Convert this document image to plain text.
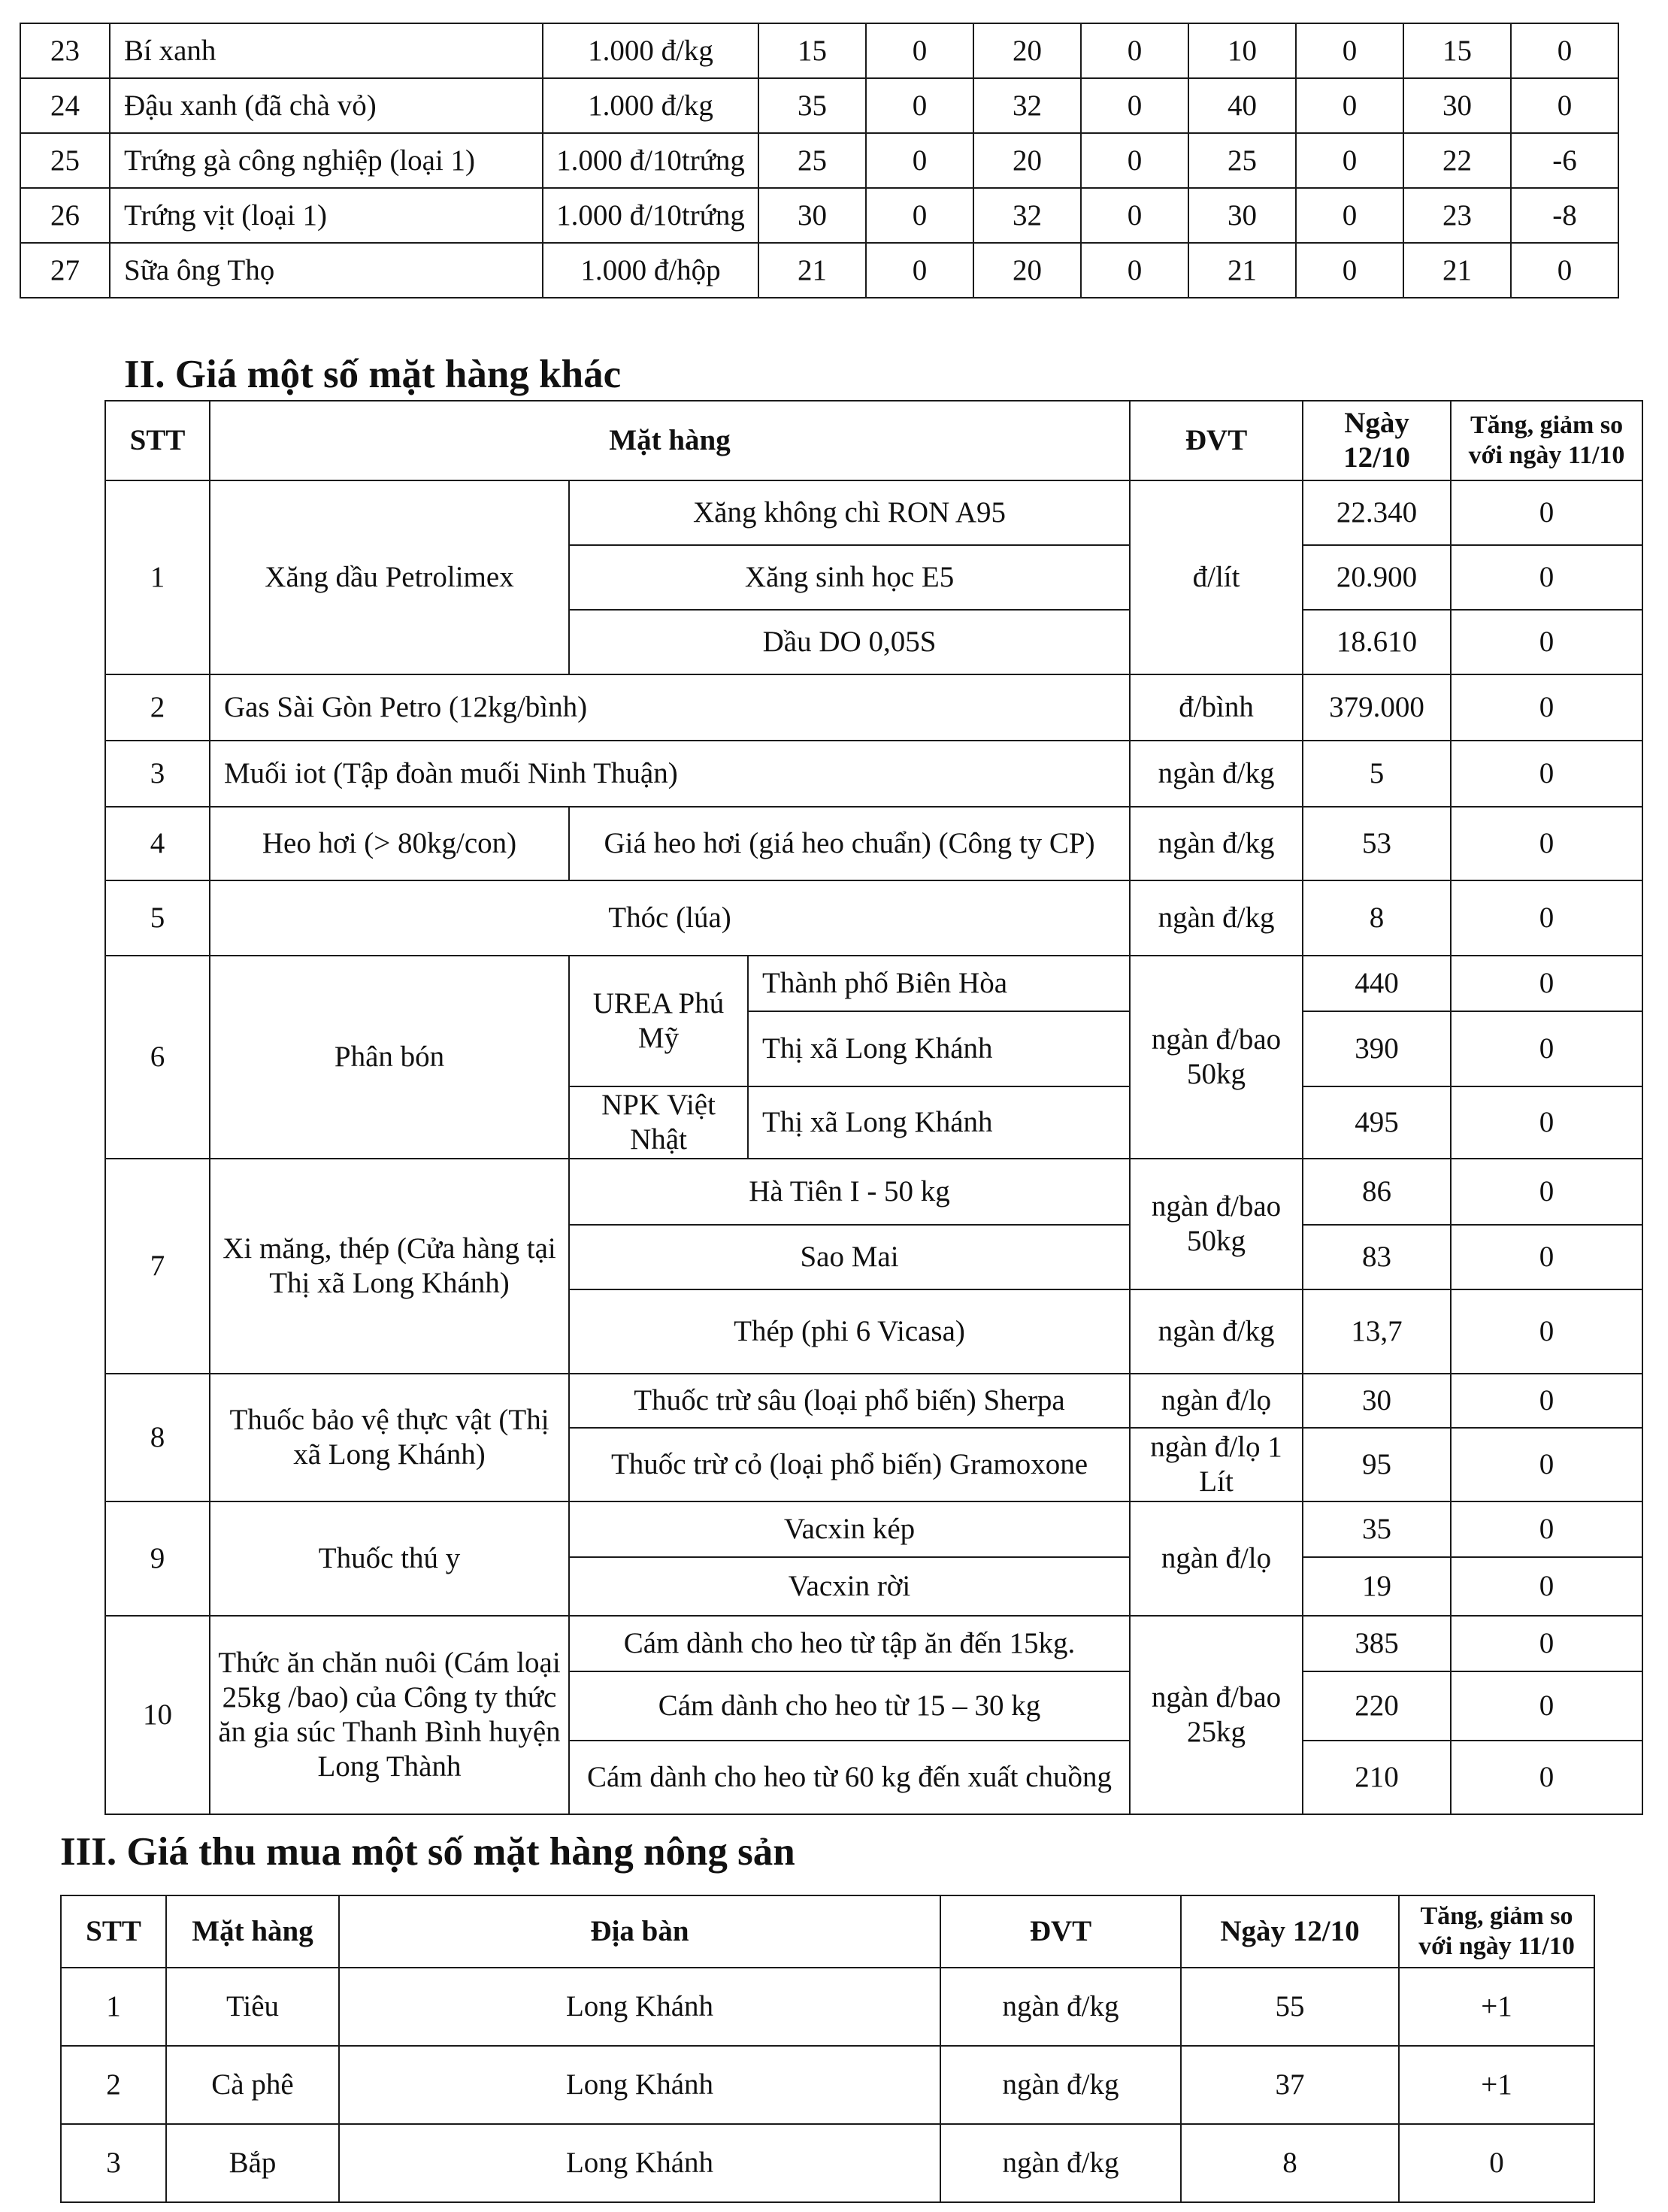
23	Bí xanh	1.000 đ/kg	15	0	20	0	10	0	15	0
24	Đậu xanh (đã chà vỏ)	1.000 đ/kg	35	0	32	0	40	0	30	0
25	Trứng gà công nghiệp (loại 1)	1.000 đ/10trứng	25	0	20	0	25	0	22	-6
26	Trứng vịt (loại 1)	1.000 đ/10trứng	30	0	32	0	30	0	23	-8
27	Sữa ông Thọ	1.000 đ/hộp	21	0	20	0	21	0	21	0
II. Giá một số mặt hàng khác
STT	Mặt hàng			ĐVT	Ngày 12/10	Tăng, giảm so với ngày 11/10
1	Xăng dầu Petrolimex	Xăng không chì RON A95		đ/lít	22.340	0
		Xăng sinh học E5			20.900	0
		Dầu DO 0,05S			18.610	0
2	Gas Sài Gòn Petro (12kg/bình)			đ/bình	379.000	0
3	Muối iot (Tập đoàn muối Ninh Thuận)			ngàn đ/kg	5	0
4	Heo hơi (> 80kg/con)	Giá heo hơi (giá heo chuẩn) (Công ty CP)		ngàn đ/kg	53	0
5	Thóc (lúa)			ngàn đ/kg	8	0
6	Phân bón	UREA Phú Mỹ	Thành phố Biên Hòa	ngàn đ/bao 50kg	440	0
			Thị xã Long Khánh		390	0
		NPK Việt Nhật	Thị xã Long Khánh		495	0
7	Xi măng, thép (Cửa hàng tại Thị xã Long Khánh)	Hà Tiên I - 50 kg		ngàn đ/bao 50kg	86	0
		Sao Mai			83	0
		Thép (phi 6 Vicasa)		ngàn đ/kg	13,7	0
8	Thuốc bảo vệ thực vật (Thị xã Long Khánh)	Thuốc trừ sâu (loại phổ biến) Sherpa		ngàn đ/lọ	30	0
		Thuốc trừ cỏ (loại phổ biến) Gramoxone		ngàn đ/lọ 1 Lít	95	0
9	Thuốc thú y	Vacxin kép		ngàn đ/lọ	35	0
		Vacxin rời			19	0
10	Thức ăn chăn nuôi (Cám loại 25kg /bao) của Công ty thức ăn gia súc Thanh Bình huyện Long Thành	Cám dành cho heo từ tập ăn đến 15kg.		ngàn đ/bao 25kg	385	0
		Cám dành cho heo từ 15 – 30 kg			220	0
		Cám dành cho heo từ 60 kg đến xuất chuồng			210	0
III. Giá thu mua một số mặt hàng nông sản
STT	Mặt hàng	Địa bàn	ĐVT	Ngày 12/10	Tăng, giảm so với ngày 11/10
1	Tiêu	Long Khánh	ngàn đ/kg	55	+1
2	Cà phê	Long Khánh	ngàn đ/kg	37	+1
3	Bắp	Long Khánh	ngàn đ/kg	8	0
